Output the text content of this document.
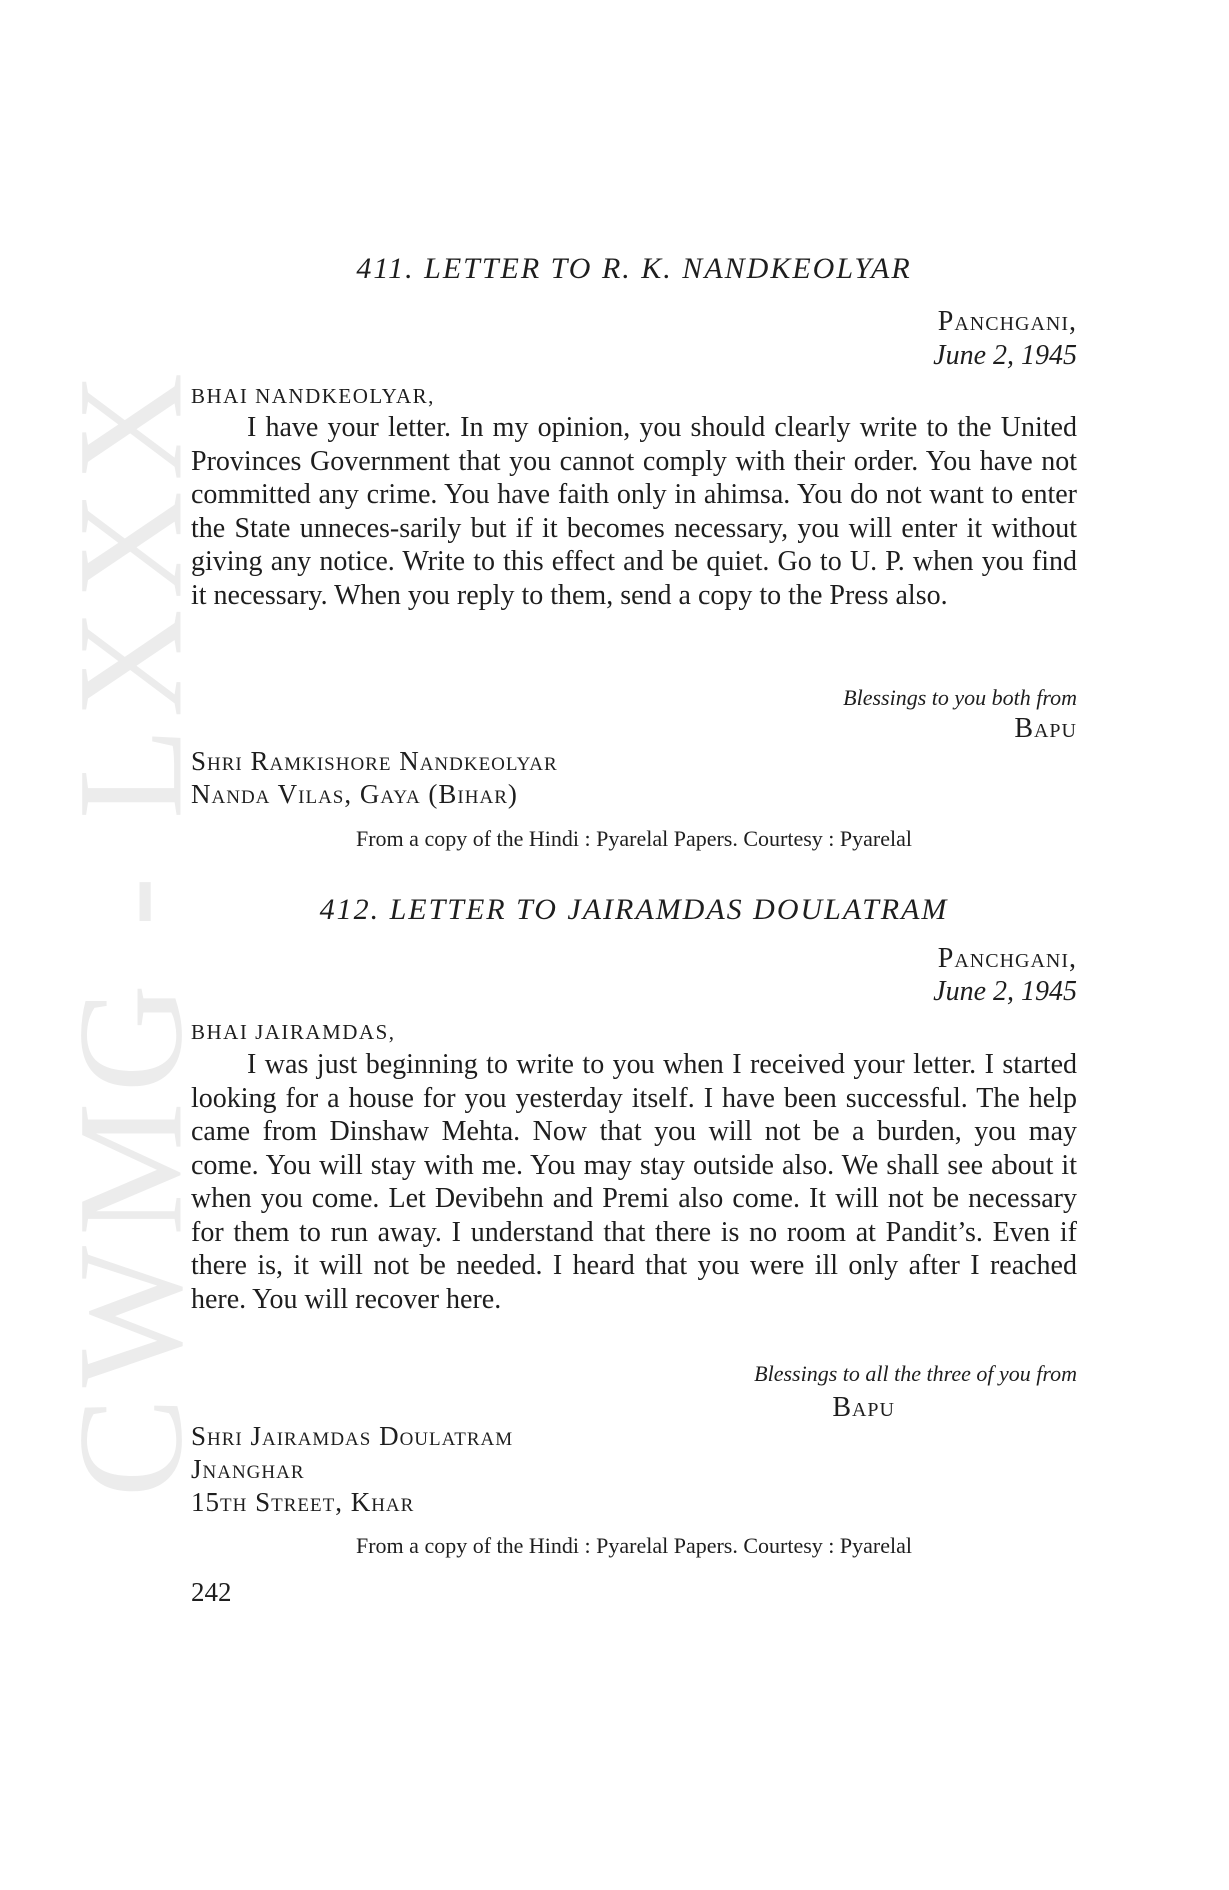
CWMG - LXXX
411. LETTER TO R. K. NANDKEOLYAR
Panchgani,
June 2, 1945
BHAI NANDKEOLYAR,

I have your letter. In my opinion, you should clearly write to the United Provinces Government that you cannot comply with their order. You have not committed any crime. You have faith only in ahimsa. You do not want to enter the State unneces-sarily but if it becomes necessary, you will enter it without giving any notice. Write to this effect and be quiet. Go to U. P. when you find it necessary. When you reply to them, send a copy to the Press also.

Blessings to you both from
Bapu
Shri Ramkishore Nandkeolyar
Nanda Vilas, Gaya (Bihar)
From a copy of the Hindi : Pyarelal Papers. Courtesy : Pyarelal
412. LETTER TO JAIRAMDAS DOULATRAM
Panchgani,
June 2, 1945
BHAI JAIRAMDAS,

I was just beginning to write to you when I received your letter. I started looking for a house for you yesterday itself. I have been successful. The help came from Dinshaw Mehta. Now that you will not be a burden, you may come. You will stay with me. You may stay outside also. We shall see about it when you come. Let Devibehn and Premi also come. It will not be necessary for them to run away. I understand that there is no room at Pandit’s. Even if there is, it will not be needed. I heard that you were ill only after I reached here. You will recover here.

Blessings to all the three of you from
Bapu
Shri Jairamdas Doulatram
Jnanghar
15th Street, Khar
From a copy of the Hindi : Pyarelal Papers. Courtesy : Pyarelal
242
